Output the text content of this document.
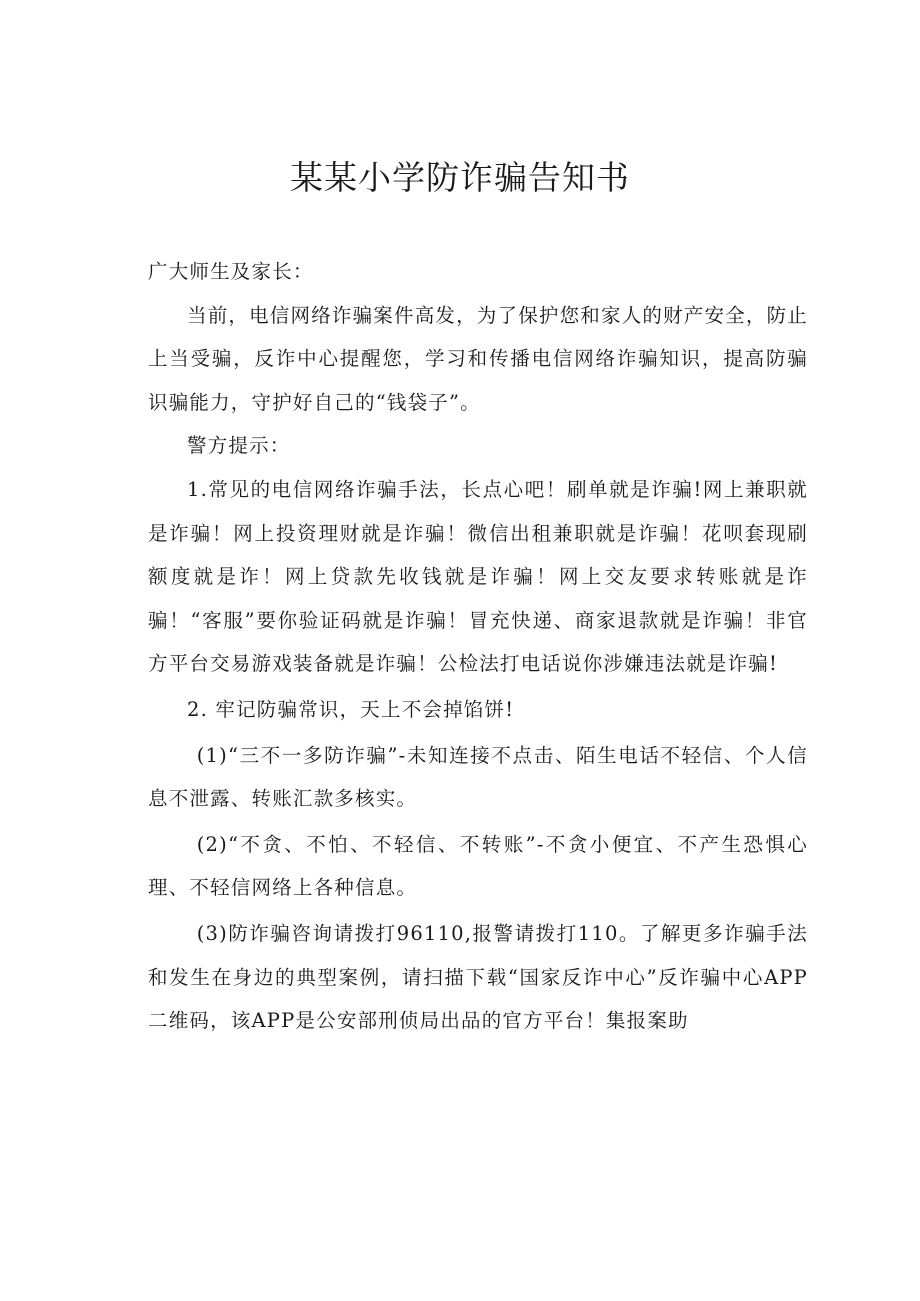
某某小学防诈骗告知书

广大师生及家长：

当前，电信网络诈骗案件高发，为了保护您和家人的财产安全，防止上当受骗，反诈中心提醒您，学习和传播电信网络诈骗知识，提高防骗识骗能力，守护好自己的“钱袋子”。

警方提示：

1.常见的电信网络诈骗手法，长点心吧！刷单就是诈骗!网上兼职就是诈骗！网上投资理财就是诈骗！微信出租兼职就是诈骗！花呗套现刷额度就是诈！网上贷款先收钱就是诈骗！网上交友要求转账就是诈骗！“客服”要你验证码就是诈骗！冒充快递、商家退款就是诈骗！非官方平台交易游戏装备就是诈骗！公检法打电话说你涉嫌违法就是诈骗!

2. 牢记防骗常识，天上不会掉馅饼!

(1)“三不一多防诈骗”-未知连接不点击、陌生电话不轻信、个人信息不泄露、转账汇款多核实。

(2)“不贪、不怕、不轻信、不转账”-不贪小便宜、不产生恐惧心理、不轻信网络上各种信息。

(3)防诈骗咨询请拨打96110,报警请拨打110。了解更多诈骗手法和发生在身边的典型案例，请扫描下载“国家反诈中心”反诈骗中心APP二维码，该APP是公安部刑侦局出品的官方平台！集报案助
